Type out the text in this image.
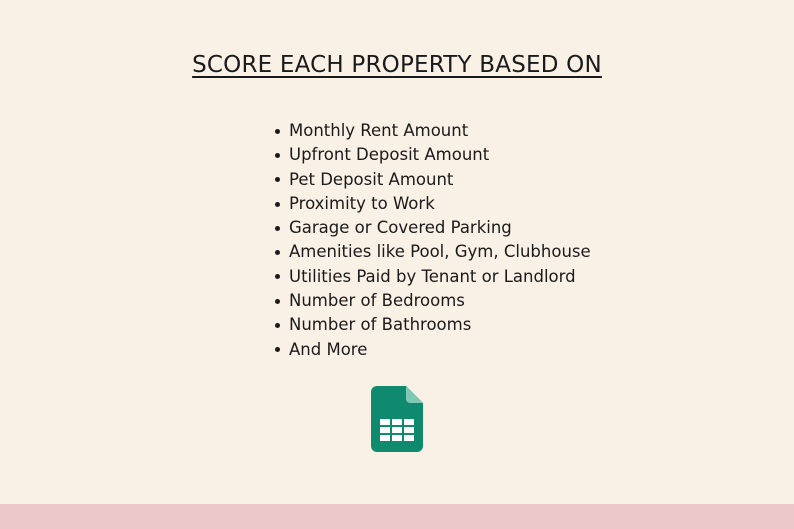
SCORE EACH PROPERTY BASED ON
Monthly Rent Amount
Upfront Deposit Amount
Pet Deposit Amount
Proximity to Work
Garage or Covered Parking
Amenities like Pool, Gym, Clubhouse
Utilities Paid by Tenant or Landlord
Number of Bedrooms
Number of Bathrooms
And More
